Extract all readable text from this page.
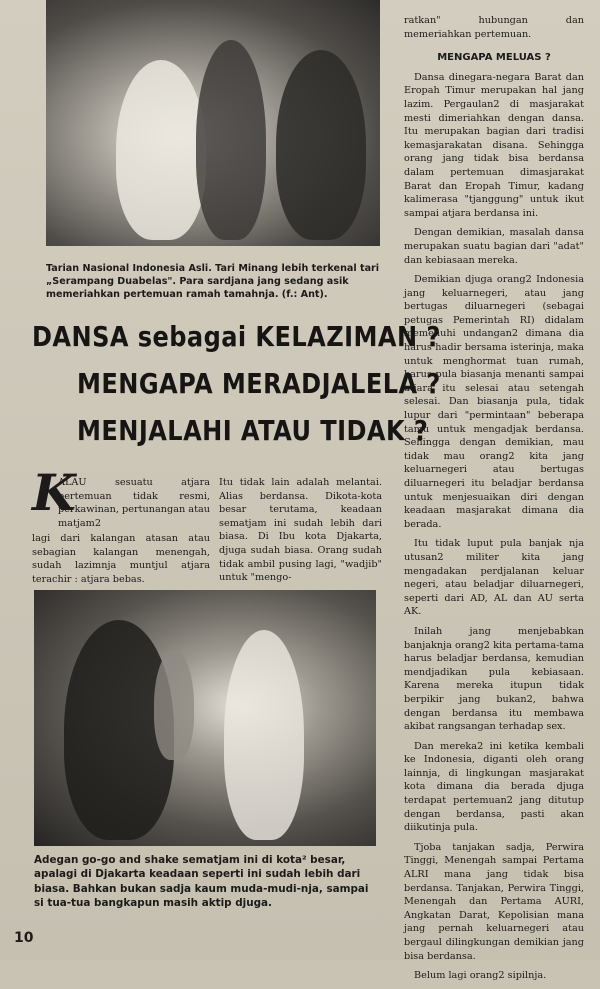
Tarian Nasional Indonesia Asli. Tari Minang lebih terkenal tari „Serampang Duabelas". Para sardjana jang sedang asik memeriahkan pertemuan ramah tamahnja. (f.: Ant).
DANSA sebagai KELAZIMAN ?
MENGAPA MERADJALELA ?
MENJALAHI ATAU TIDAK ?
K
ALAU sesuatu atjara pertemuan tidak resmi, perkawinan, pertunangan atau matjam2
lagi dari kalangan atasan atau sebagian kalangan menengah, sudah lazimnja muntjul atjara terachir : atjara bebas.
Itu tidak lain adalah melantai. Alias berdansa. Dikota-kota besar terutama, keadaan sematjam ini sudah lebih dari biasa. Di Ibu kota Djakarta, djuga sudah biasa. Orang sudah tidak ambil pusing lagi, "wadjib" untuk "mengo-
Adegan go-go and shake sematjam ini di kota² besar, apalagi di Djakarta keadaan seperti ini sudah lebih dari biasa. Bahkan bukan sadja kaum muda-mudi-nja, sampai si tua-tua bangkapun masih aktip djuga.

ratkan" hubungan dan memeriahkan pertemuan.

MENGAPA MELUAS ?

Dansa dinegara-negara Barat dan Eropah Timur merupakan hal jang lazim. Pergaulan2 di masjarakat mesti dimeriahkan dengan dansa. Itu merupakan bagian dari tradisi kemasjarakatan disana. Sehingga orang jang tidak bisa berdansa dalam pertemuan dimasjarakat Barat dan Eropah Timur, kadang kalimerasa "tjanggung" untuk ikut sampai atjara berdansa ini.

Dengan demikian, masalah dansa merupakan suatu bagian dari "adat" dan kebiasaan mereka.

Demikian djuga orang2 Indonesia jang keluarnegeri, atau jang bertugas diluarnegeri (sebagai petugas Pemerintah RI) didalam memenuhi undangan2 dimana dia harus hadir bersama isterinja, maka untuk menghormat tuan rumah, harus pula biasanja menanti sampai atjara itu selesai atau setengah selesai. Dan biasanja pula, tidak lupur dari "permintaan" beberapa tamu untuk mengadjak berdansa. Sehingga dengan demikian, mau tidak mau orang2 kita jang keluarnegeri atau bertugas diluarnegeri itu beladjar berdansa untuk menjesuaikan diri dengan keadaan masjarakat dimana dia berada.

Itu tidak luput pula banjak nja utusan2 militer kita jang mengadakan perdjalanan keluar negeri, atau beladjar diluarnegeri, seperti dari AD, AL dan AU serta AK.

Inilah jang menjebabkan banjaknja orang2 kita pertama-tama harus beladjar berdansa, kemudian mendjadikan pula kebiasaan. Karena mereka itupun tidak berpikir jang bukan2, bahwa dengan berdansa itu membawa akibat rangsangan terhadap sex.

Dan mereka2 ini ketika kembali ke Indonesia, diganti oleh orang lainnja, di lingkungan masjarakat kota dimana dia berada djuga terdapat pertemuan2 jang ditutup dengan berdansa, pasti akan diikutinja pula.

Tjoba tanjakan sadja, Perwira Tinggi, Menengah sampai Pertama ALRI mana jang tidak bisa berdansa. Tanjakan, Perwira Tinggi, Menengah dan Pertama AURI, Angkatan Darat, Kepolisian mana jang pernah keluarnegeri atau bergaul dilingkungan demikian jang bisa berdansa.

Belum lagi orang2 sipilnja.

10
